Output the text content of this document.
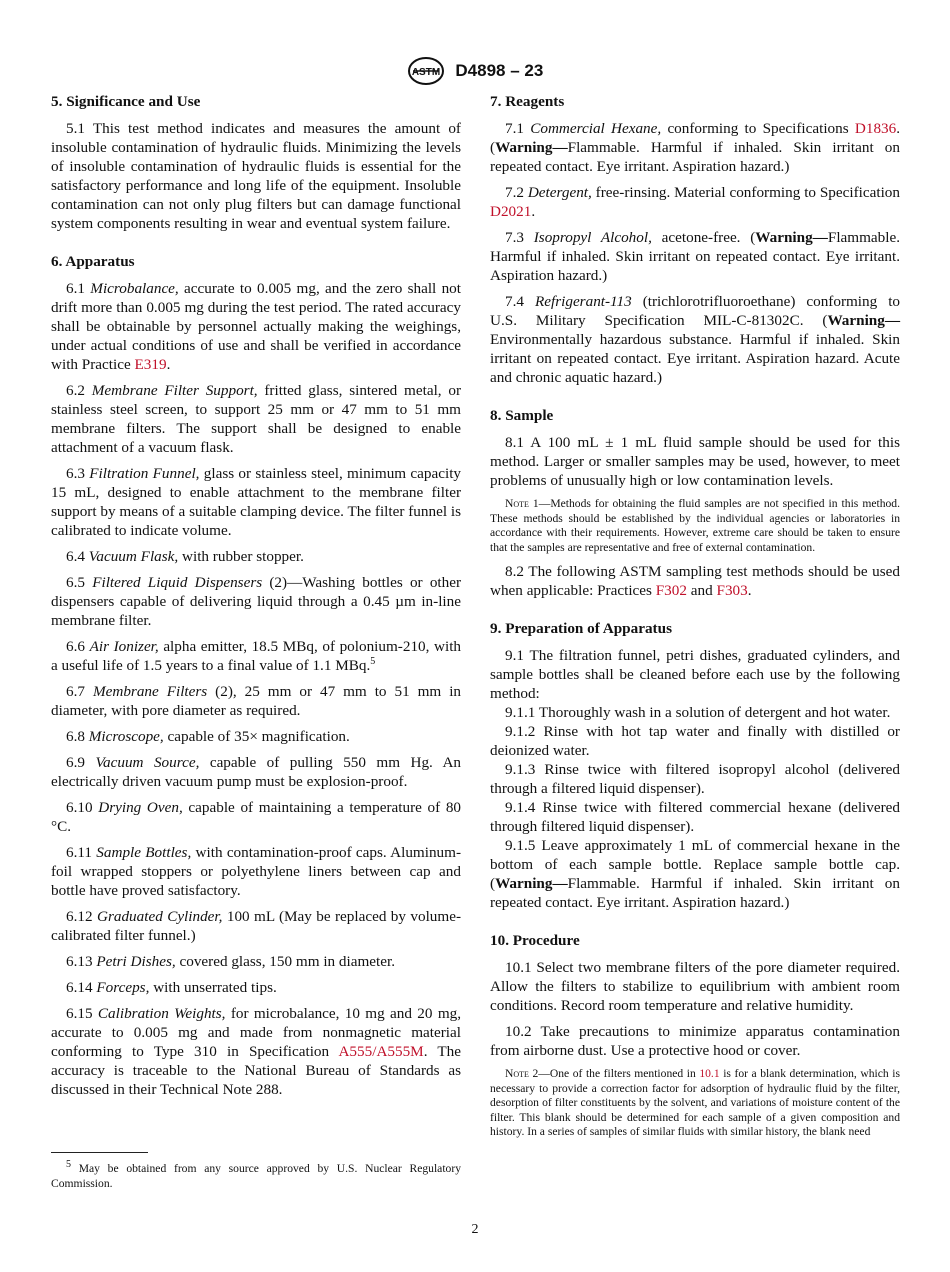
ASTM D4898 – 23
5. Significance and Use

5.1 This test method indicates and measures the amount of insoluble contamination of hydraulic fluids. Minimizing the levels of insoluble contamination of hydraulic fluids is essential for the satisfactory performance and long life of the equipment. Insoluble contamination can not only plug filters but can damage functional system components resulting in wear and eventual system failure.

6. Apparatus

6.1 Microbalance, accurate to 0.005 mg, and the zero shall not drift more than 0.005 mg during the test period. The rated accuracy shall be obtainable by personnel actually making the weighings, under actual conditions of use and shall be verified in accordance with Practice E319.

6.2 Membrane Filter Support, fritted glass, sintered metal, or stainless steel screen, to support 25 mm or 47 mm to 51 mm membrane filters. The support shall be designed to enable attachment of a vacuum flask.

6.3 Filtration Funnel, glass or stainless steel, minimum capacity 15 mL, designed to enable attachment to the membrane filter support by means of a suitable clamping device. The filter funnel is calibrated to indicate volume.

6.4 Vacuum Flask, with rubber stopper.

6.5 Filtered Liquid Dispensers (2)—Washing bottles or other dispensers capable of delivering liquid through a 0.45 µm in-line membrane filter.

6.6 Air Ionizer, alpha emitter, 18.5 MBq, of polonium-210, with a useful life of 1.5 years to a final value of 1.1 MBq.$^5$

6.7 Membrane Filters (2), 25 mm or 47 mm to 51 mm in diameter, with pore diameter as required.

6.8 Microscope, capable of 35× magnification.

6.9 Vacuum Source, capable of pulling 550 mm Hg. An electrically driven vacuum pump must be explosion-proof.

6.10 Drying Oven, capable of maintaining a temperature of 80 °C.

6.11 Sample Bottles, with contamination-proof caps. Aluminum-foil wrapped stoppers or polyethylene liners between cap and bottle have proved satisfactory.

6.12 Graduated Cylinder, 100 mL (May be replaced by volume-calibrated filter funnel.)

6.13 Petri Dishes, covered glass, 150 mm in diameter.

6.14 Forceps, with unserrated tips.

6.15 Calibration Weights, for microbalance, 10 mg and 20 mg, accurate to 0.005 mg and made from nonmagnetic material conforming to Type 310 in Specification A555/A555M. The accuracy is traceable to the National Bureau of Standards as discussed in their Technical Note 288.

7. Reagents

7.1 Commercial Hexane, conforming to Specifications D1836. (Warning—Flammable. Harmful if inhaled. Skin irritant on repeated contact. Eye irritant. Aspiration hazard.)

7.2 Detergent, free-rinsing. Material conforming to Specification D2021.

7.3 Isopropyl Alcohol, acetone-free. (Warning—Flammable. Harmful if inhaled. Skin irritant on repeated contact. Eye irritant. Aspiration hazard.)

7.4 Refrigerant-113 (trichlorotrifluoroethane) conforming to U.S. Military Specification MIL-C-81302C. (Warning—Environmentally hazardous substance. Harmful if inhaled. Skin irritant on repeated contact. Eye irritant. Aspiration hazard. Acute and chronic aquatic hazard.)

8. Sample

8.1 A 100 mL ± 1 mL fluid sample should be used for this method. Larger or smaller samples may be used, however, to meet problems of unusually high or low contamination levels.

Note 1—Methods for obtaining the fluid samples are not specified in this method. These methods should be established by the individual agencies or laboratories in accordance with their requirements. However, extreme care should be taken to ensure that the samples are representative and free of external contamination.

8.2 The following ASTM sampling test methods should be used when applicable: Practices F302 and F303.

9. Preparation of Apparatus

9.1 The filtration funnel, petri dishes, graduated cylinders, and sample bottles shall be cleaned before each use by the following method:

9.1.1 Thoroughly wash in a solution of detergent and hot water.

9.1.2 Rinse with hot tap water and finally with distilled or deionized water.

9.1.3 Rinse twice with filtered isopropyl alcohol (delivered through a filtered liquid dispenser).

9.1.4 Rinse twice with filtered commercial hexane (delivered through filtered liquid dispenser).

9.1.5 Leave approximately 1 mL of commercial hexane in the bottom of each sample bottle. Replace sample bottle cap. (Warning—Flammable. Harmful if inhaled. Skin irritant on repeated contact. Eye irritant. Aspiration hazard.)

10. Procedure

10.1 Select two membrane filters of the pore diameter required. Allow the filters to stabilize to equilibrium with ambient room conditions. Record room temperature and relative humidity.

10.2 Take precautions to minimize apparatus contamination from airborne dust. Use a protective hood or cover.

Note 2—One of the filters mentioned in 10.1 is for a blank determination, which is necessary to provide a correction factor for adsorption of hydraulic fluid by the filter, desorption of filter constituents by the solvent, and variations of moisture content of the filter. This blank should be determined for each sample of a given composition and history. In a series of samples of similar fluids with similar history, the blank need
$^5$ May be obtained from any source approved by U.S. Nuclear Regulatory Commission.
2
